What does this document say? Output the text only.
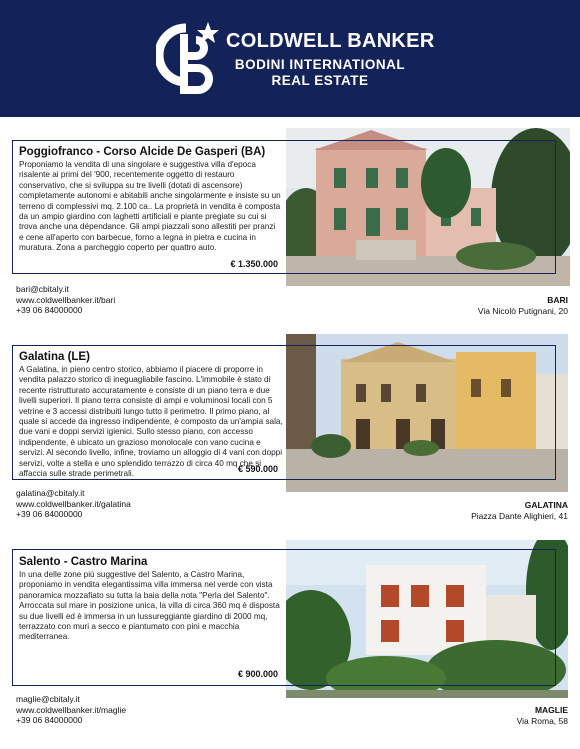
COLDWELL BANKER
BODINI INTERNATIONAL
REAL ESTATE
Poggiofranco - Corso Alcide De Gasperi (BA)
Proponiamo la vendita di una singolare e suggestiva villa d'epoca risalente ai primi del '900, recentemente oggetto di restauro conservativo, che si sviluppa su tre livelli (dotati di ascensore) completamente autonomi e abitabili anche singolarmente e insiste su un terreno di complessivi mq. 2.100 ca.. La proprietà in vendita è composta da un ampio giardino con laghetti artificiali e piante pregiate su cui si trova anche una dépendance. Gli ampi piazzali sono allestiti per pranzi e cene all'aperto con barbecue, forno a legna in pietra e cucina in muratura. Zona a parcheggio coperto per quattro auto.
€ 1.350.000
bari@cbitaly.it
www.coldwellbanker.it/bari
+39 06 84000000
BARI
Via Nicolò Putignani, 20
Galatina (LE)
A Galatina, in pieno centro storico, abbiamo il piacere di proporre in vendita palazzo storico di ineguagliabile fascino. L'immobile è stato di recente ristrutturato accuratamente e consiste di un piano terra e due livelli superiori. Il piano terra consiste di ampi e voluminosi locali con 5 vetrine e 3 accessi distribuiti lungo tutto il perimetro. Il primo piano, al quale si accede da ingresso indipendente, è composto da un'ampia sala, due vani e doppi servizi igienici. Sullo stesso piano, con accesso indipendente, è ubicato un grazioso monolocale con vano cucina e servizi. Al secondo livello, infine, troviamo un alloggio di 4 vani con doppi servizi, volte a stella e uno splendido terrazzo di circa 40 mq che si affaccia sulle strade perimetrali.	€ 590.000
galatina@cbitaly.it
www.coldwellbanker.it/galatina
+39 06 84000000
GALATINA
Piazza Dante Alighieri, 41
Salento - Castro Marina
In una delle zone più suggestive del Salento, a Castro Marina, proponiamo in vendita elegantissima villa immersa nel verde con vista panoramica mozzafiato su tutta la baia della nota "Perla del Salento". Arroccata sul mare in posizione unica, la villa di circa 360 mq è disposta su due livelli ed è immersa in un lussureggiante giardino di 2000 mq, terrazzato con muri a secco e piantumato con pini e macchia mediterranea.
€ 900.000
maglie@cbitaly.it
www.coldwellbanker.it/maglie
+39 06 84000000
MAGLIE
Via Roma, 58
